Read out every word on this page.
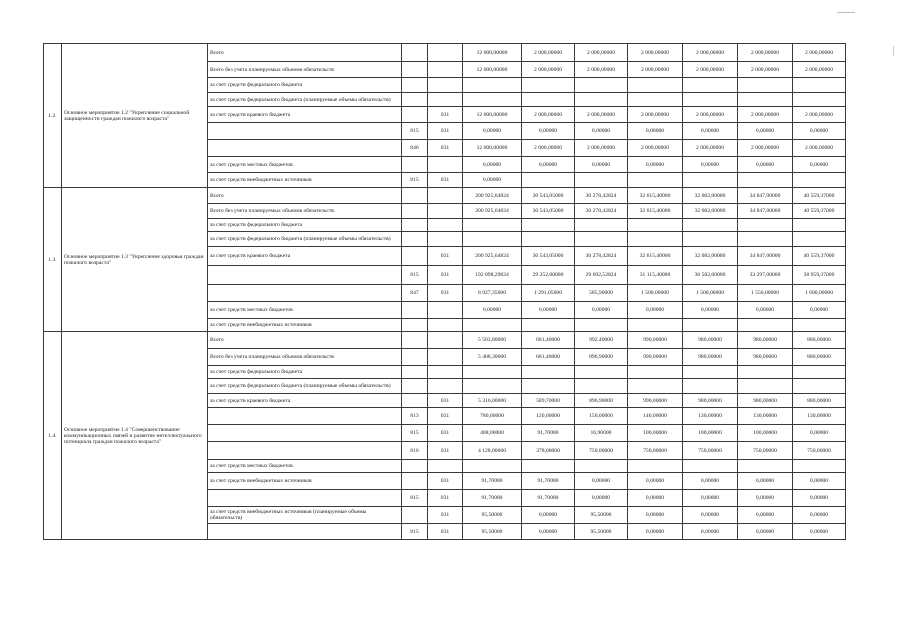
1.2.	Основное мероприятие 1.2 "Укрепление социальной защищенности граждан пожилого возраста"	Всего			12 000,00000	2 000,00000	2 000,00000	2 000,00000	2 000,00000	2 000,00000	2 000,00000
		Всего без учета планируемых объемов обязательств			12 000,00000	2 000,00000	2 000,00000	2 000,00000	2 000,00000	2 000,00000	2 000,00000
		за счет средств федерального бюджета									
		за счет средств федерального бюджета (планируемые объемы обязательств)									
		за счет средств краевого бюджета		031	12 000,00000	2 000,00000	2 000,00000	2 000,00000	2 000,00000	2 000,00000	2 000,00000
			815	031	0,00000	0,00000	0,00000	0,00000	0,00000	0,00000	0,00000
			846	031	12 000,00000	2 000,00000	2 000,00000	2 000,00000	2 000,00000	2 000,00000	2 000,00000
		за счет средств местных бюджетов			0,00000	0,00000	0,00000	0,00000	0,00000	0,00000	0,00000
		за счет средств внебюджетных источников	815	031	0,00000						
1.3.	Основное мероприятие 1.3 "Укрепление здоровья граждан пожилого возраста"	Всего			200 925,64824	30 543,05000	30 278,42824	32 615,40000	32 082,00000	34 847,00000	40 559,37000
		Всего без учета планируемых объемов обязательств			200 925,64824	30 543,05000	30 278,42824	32 615,40000	32 082,00000	34 847,00000	40 559,37000
		за счет средств федерального бюджета									
		за счет средств федерального бюджета (планируемые объемы обязательств)									
		за счет средств краевого бюджета		031	200 925,64824	30 543,05000	30 278,42824	32 615,40000	32 082,00000	34 847,00000	40 559,37000
			815	031	192 898,29824	29 252,00000	29 692,52824	31 115,40000	30 582,00000	33 297,00000	38 959,37000
			847	031	8 027,35000	1 291,05000	585,90000	1 500,00000	1 500,00000	1 550,00000	1 600,00000
		за счет средств местных бюджетов			0,00000	0,00000	0,00000	0,00000	0,00000	0,00000	0,00000
		за счет средств внебюджетных источников									
1.4.	Основное мероприятие 1.4 "Совершенствование коммуникационных связей и развитие интеллектуального потенциала граждан пожилого возраста"	Всего			5 503,80000	681,40000	992,40000	990,00000	980,00000	980,00000	880,00000
		Всего без учета планируемых объемов обязательств			5 408,30000	681,40000	896,90000	990,00000	980,00000	980,00000	880,00000
		за счет средств федерального бюджета									
		за счет средств федерального бюджета (планируемые объемы обязательств)									
		за счет средств краевого бюджета		031	5 316,00000	589,70000	896,90000	990,00000	980,00000	980,00000	880,00000
			813	031	780,00000	120,00000	150,00000	140,00000	130,00000	130,00000	130,00000
			815	031	408,00000	91,70000	16,90000	100,00000	100,00000	100,00000	0,00000
			816	031	4 128,00000	378,00000	750,00000	750,00000	750,00000	750,00000	750,00000
		за счет средств местных бюджетов									
		за счет средств внебюджетных источников		031	91,70000	91,70000	0,00000	0,00000	0,00000	0,00000	0,00000
			815	031	91,70000	91,70000	0,00000	0,00000	0,00000	0,00000	0,00000
		за счет средств внебюджетных источников (планируемые объемы обязательств)		031	95,50000	0,00000	95,50000	0,00000	0,00000	0,00000	0,00000
			815	031	95,50000	0,00000	95,50000	0,00000	0,00000	0,00000	0,00000
